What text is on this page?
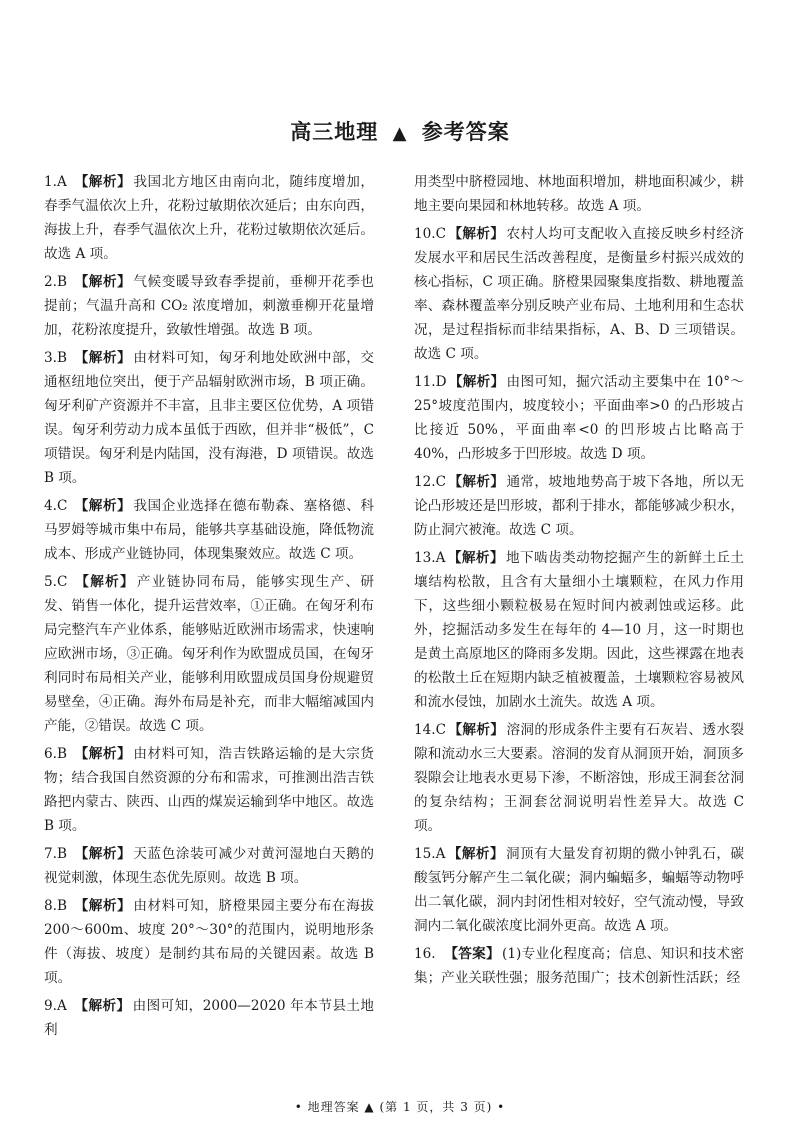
高三地理 ▲ 参考答案
1.A 【解析】 我国北方地区由南向北，随纬度增加，春季气温依次上升，花粉过敏期依次延后；由东向西，海拔上升，春季气温依次上升，花粉过敏期依次延后。故选 A 项。
2.B 【解析】 气候变暖导致春季提前，垂柳开花季也提前；气温升高和 CO₂ 浓度增加，刺激垂柳开花量增加，花粉浓度提升，致敏性增强。故选 B 项。
3.B 【解析】 由材料可知，匈牙利地处欧洲中部，交通枢纽地位突出，便于产品辐射欧洲市场，B 项正确。匈牙利矿产资源并不丰富，且非主要区位优势，A 项错误。匈牙利劳动力成本虽低于西欧，但并非“极低”，C 项错误。匈牙利是内陆国，没有海港，D 项错误。故选 B 项。
4.C 【解析】 我国企业选择在德布勒森、塞格德、科马罗姆等城市集中布局，能够共享基础设施，降低物流成本、形成产业链协同，体现集聚效应。故选 C 项。
5.C 【解析】 产业链协同布局，能够实现生产、研发、销售一体化，提升运营效率，①正确。在匈牙利布局完整汽车产业体系，能够贴近欧洲市场需求，快速响应欧洲市场，③正确。匈牙利作为欧盟成员国，在匈牙利同时布局相关产业，能够利用欧盟成员国身份规避贸易壁垒，④正确。海外布局是补充，而非大幅缩减国内产能，②错误。故选 C 项。
6.B 【解析】 由材料可知，浩吉铁路运输的是大宗货物；结合我国自然资源的分布和需求，可推测出浩吉铁路把内蒙古、陕西、山西的煤炭运输到华中地区。故选 B 项。
7.B 【解析】 天蓝色涂装可减少对黄河湿地白天鹅的视觉刺激，体现生态优先原则。故选 B 项。
8.B 【解析】 由材料可知，脐橙果园主要分布在海拔 200～600m、坡度 20°～30°的范围内，说明地形条件（海拔、坡度）是制约其布局的关键因素。故选 B 项。
9.A 【解析】 由图可知，2000—2020 年本节县土地利
用类型中脐橙园地、林地面积增加，耕地面积减少，耕地主要向果园和林地转移。故选 A 项。
10.C 【解析】 农村人均可支配收入直接反映乡村经济发展水平和居民生活改善程度，是衡量乡村振兴成效的核心指标，C 项正确。脐橙果园聚集度指数、耕地覆盖率、森林覆盖率分别反映产业布局、土地利用和生态状况，是过程指标而非结果指标，A、B、D 三项错误。故选 C 项。
11.D 【解析】 由图可知，掘穴活动主要集中在 10°～25°坡度范围内，坡度较小；平面曲率>0 的凸形坡占比接近 50%，平面曲率<0 的凹形坡占比略高于 40%，凸形坡多于凹形坡。故选 D 项。
12.C 【解析】 通常，坡地地势高于坡下各地，所以无论凸形坡还是凹形坡，都利于排水，都能够减少积水，防止洞穴被淹。故选 C 项。
13.A 【解析】 地下啮齿类动物挖掘产生的新鲜土丘土壤结构松散，且含有大量细小土壤颗粒，在风力作用下，这些细小颗粒极易在短时间内被剥蚀或运移。此外，挖掘活动多发生在每年的 4—10 月，这一时期也是黄土高原地区的降雨多发期。因此，这些裸露在地表的松散土丘在短期内缺乏植被覆盖，土壤颗粒容易被风和流水侵蚀，加剧水土流失。故选 A 项。
14.C 【解析】 溶洞的形成条件主要有石灰岩、透水裂隙和流动水三大要素。溶洞的发育从洞顶开始，洞顶多裂隙会让地表水更易下渗，不断溶蚀，形成王洞套岔洞的复杂结构；王洞套岔洞说明岩性差异大。故选 C 项。
15.A 【解析】 洞顶有大量发育初期的微小钟乳石，碳酸氢钙分解产生二氧化碳；洞内蝙蝠多，蝙蝠等动物呼出二氧化碳，洞内封闭性相对较好，空气流动慢，导致洞内二氧化碳浓度比洞外更高。故选 A 项。
16. 【答案】 (1)专业化程度高；信息、知识和技术密集；产业关联性强；服务范围广；技术创新性活跃；经
• 地理答案 ▲ (第 1 页，共 3 页) •
